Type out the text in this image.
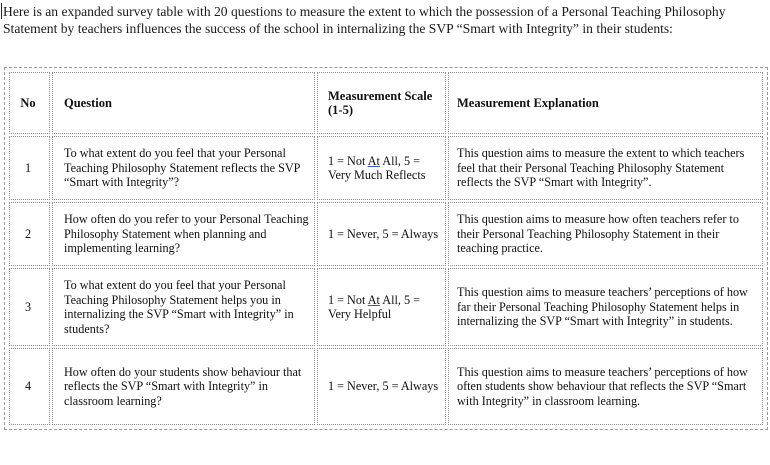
Here is an expanded survey table with 20 questions to measure the extent to which the possession of a Personal Teaching Philosophy Statement by teachers influences the success of the school in internalizing the SVP “Smart with Integrity” in their students:

No	Question	Measurement Scale (1-5)	Measurement Explanation
1	To what extent do you feel that your Personal Teaching Philosophy Statement reflects the SVP “Smart with Integrity”?	1 = Not At All, 5 = Very Much Reflects	This question aims to measure the extent to which teachers feel that their Personal Teaching Philosophy Statement reflects the SVP “Smart with Integrity”.
2	How often do you refer to your Personal Teaching Philosophy Statement when planning and implementing learning?	1 = Never, 5 = Always	This question aims to measure how often teachers refer to their Personal Teaching Philosophy Statement in their teaching practice.
3	To what extent do you feel that your Personal Teaching Philosophy Statement helps you in internalizing the SVP “Smart with Integrity” in students?	1 = Not At All, 5 = Very Helpful	This question aims to measure teachers’ perceptions of how far their Personal Teaching Philosophy Statement helps in internalizing the SVP “Smart with Integrity” in students.
4	How often do your students show behaviour that reflects the SVP “Smart with Integrity” in classroom learning?	1 = Never, 5 = Always	This question aims to measure teachers’ perceptions of how often students show behaviour that reflects the SVP “Smart with Integrity” in classroom learning.
